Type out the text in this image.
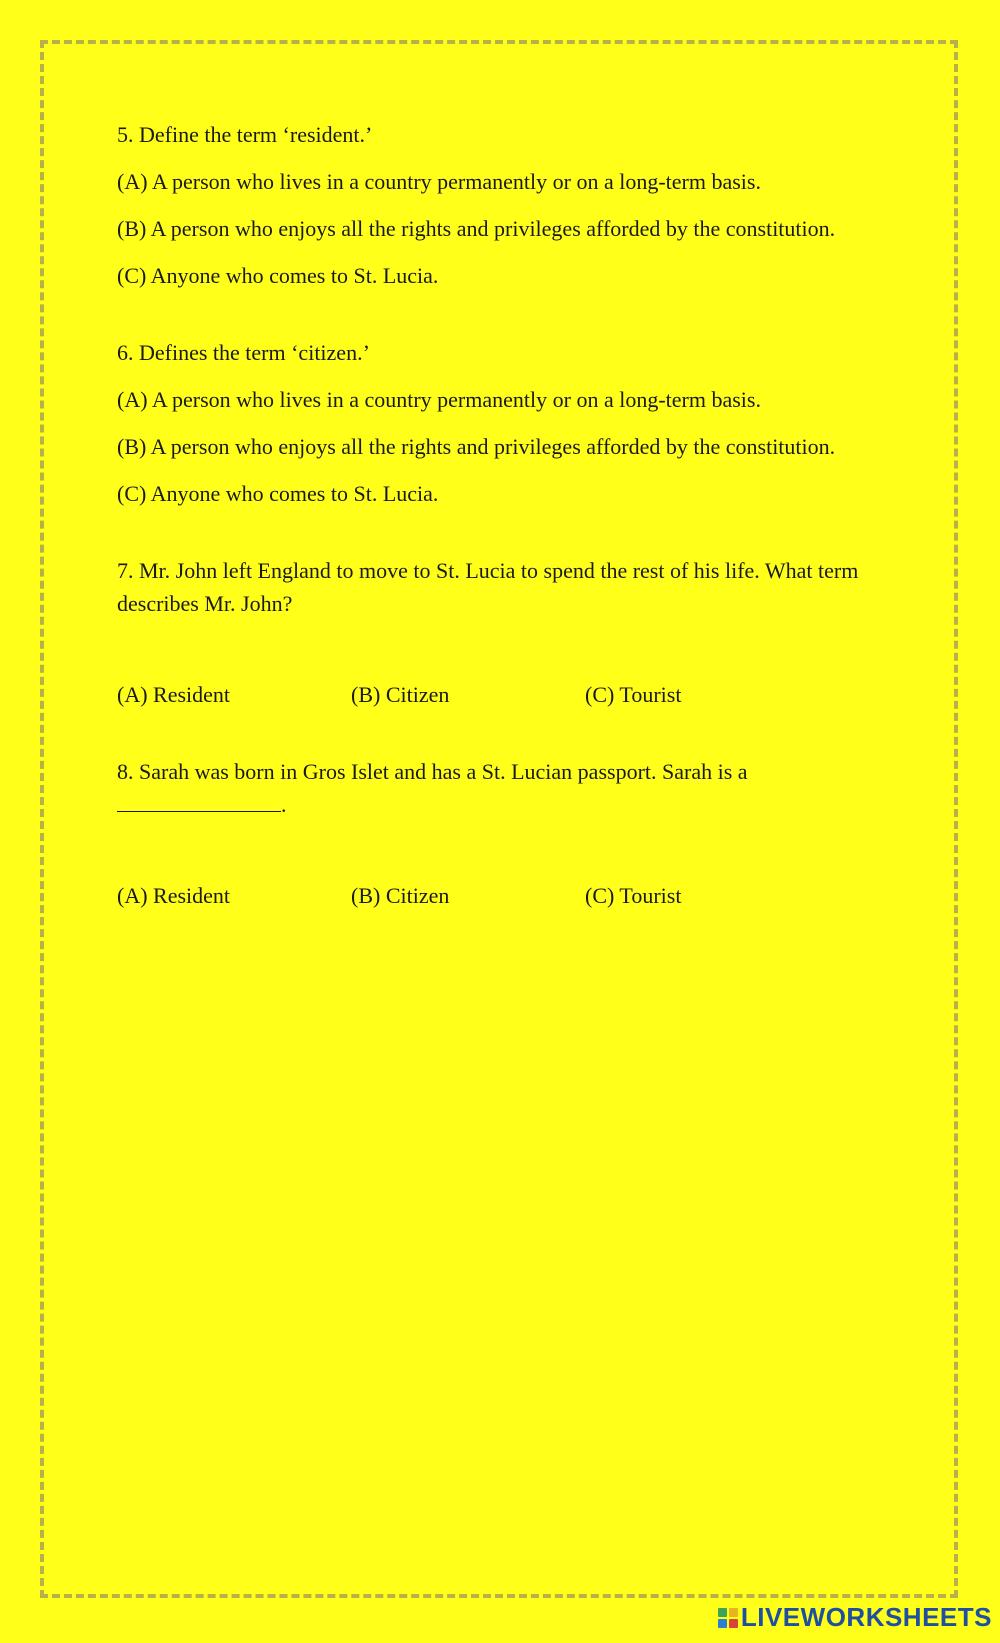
5. Define the term ‘resident.’

(A) A person who lives in a country permanently or on a long-term basis.

(B) A person who enjoys all the rights and privileges afforded by the constitution.

(C) Anyone who comes to St. Lucia.

6. Defines the term ‘citizen.’

(A) A person who lives in a country permanently or on a long-term basis.

(B) A person who enjoys all the rights and privileges afforded by the constitution.

(C) Anyone who comes to St. Lucia.

7. Mr. John left England to move to St. Lucia to spend the rest of his life. What term describes Mr. John?

(A) Resident	(B) Citizen	(C) Tourist

8. Sarah was born in Gros Islet and has a St. Lucian passport. Sarah is a
.

(A) Resident	(B) Citizen	(C) Tourist
LIVEWORKSHEETS
